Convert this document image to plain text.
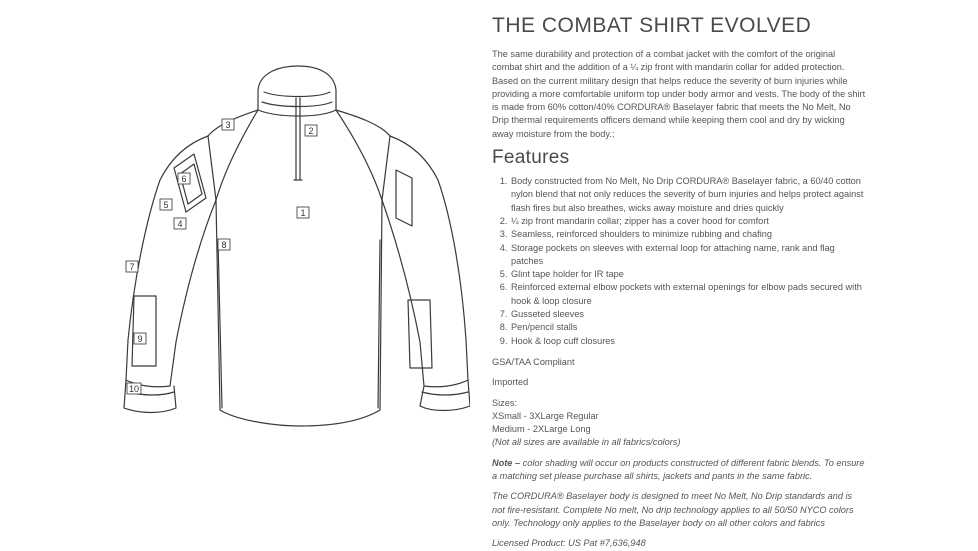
1
2
3
4
5
6
7
8
9
10
THE COMBAT SHIRT EVOLVED

The same durability and protection of a combat jacket with the comfort of the original combat shirt and the addition of a ¼ zip front with mandarin collar for added protection. Based on the current military design that helps reduce the severity of burn injuries while providing a more comfortable uniform top under body armor and vests. The body of the shirt is made from 60% cotton/40% CORDURA® Baselayer fabric that meets the No Melt, No Drip thermal requirements officers demand while keeping them cool and dry by wicking away moisture from the body.;

Features
1. Body constructed from No Melt, No Drip CORDURA® Baselayer fabric, a 60/40 cotton nylon blend that not only reduces the severity of burn injuries and helps protect against flash fires but also breathes, wicks away moisture and dries quickly
2. ¼ zip front mandarin collar; zipper has a cover hood for comfort
3. Seamless, reinforced shoulders to minimize rubbing and chafing
4. Storage pockets on sleeves with external loop for attaching name, rank and flag patches
5. Glint tape holder for IR tape
6. Reinforced external elbow pockets with external openings for elbow pads secured with hook & loop closure
7. Gusseted sleeves
8. Pen/pencil stalls
9. Hook & loop cuff closures

GSA/TAA Compliant

Imported

Sizes:

XSmall - 3XLarge Regular

Medium - 2XLarge Long

(Not all sizes are available in all fabrics/colors)

Note – color shading will occur on products constructed of different fabric blends. To ensure a matching set please purchase all shirts, jackets and pants in the same fabric.

The CORDURA® Baselayer body is designed to meet No Melt, No Drip standards and is not fire-resistant. Complete No melt, No drip technology applies to all 50/50 NYCO colors only. Technology only applies to the Baselayer body on all other colors and fabrics

Licensed Product: US Pat #7,636,948
